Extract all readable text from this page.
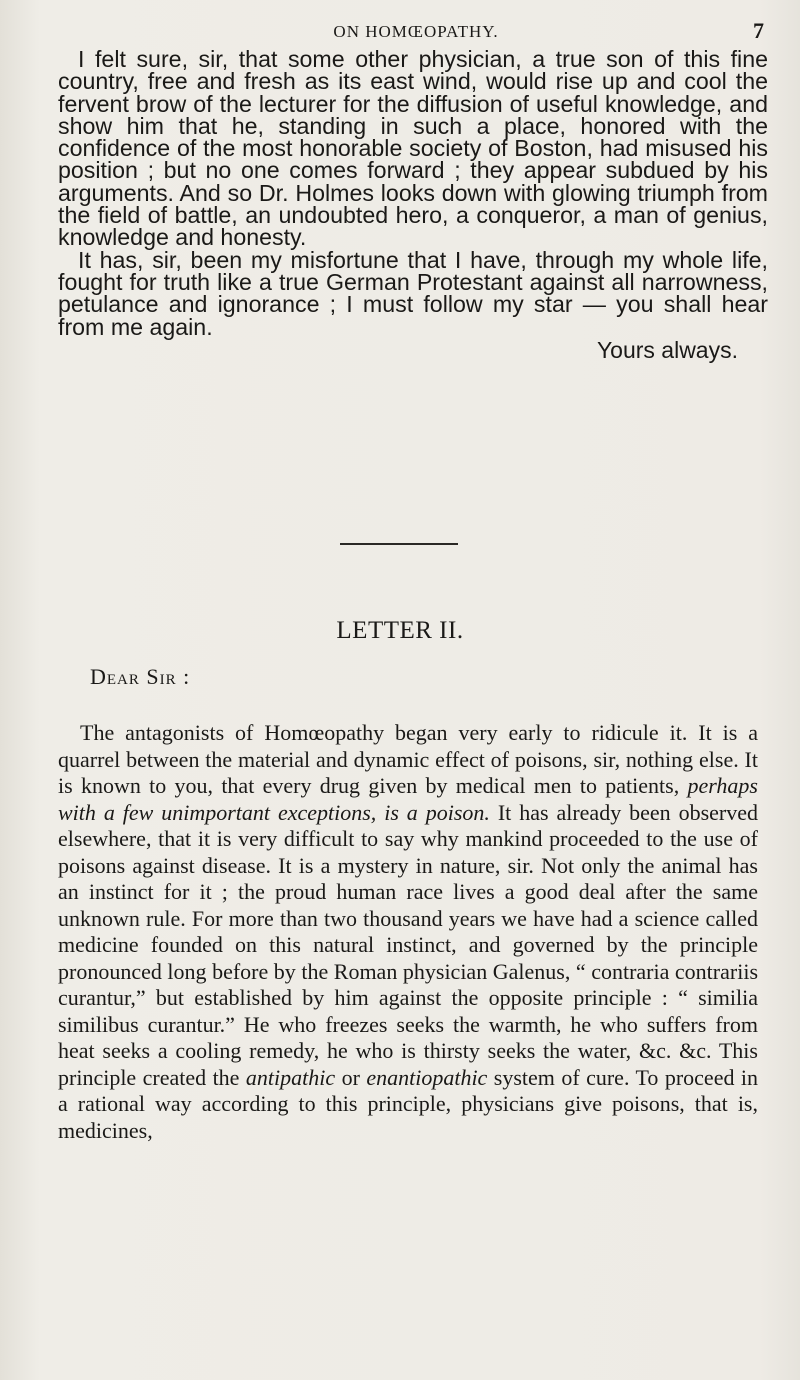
ON HOMŒOPATHY.	7

I felt sure, sir, that some other physician, a true son of this fine country, free and fresh as its east wind, would rise up and cool the fervent brow of the lecturer for the diffusion of useful knowledge, and show him that he, standing in such a place, honored with the confidence of the most honorable society of Boston, had misused his position ; but no one comes forward ; they appear subdued by his arguments. And so Dr. Holmes looks down with glowing triumph from the field of battle, an undoubted hero, a conqueror, a man of genius, knowledge and honesty.

It has, sir, been my misfortune that I have, through my whole life, fought for truth like a true German Protestant against all narrowness, petulance and ignorance ; I must follow my star — you shall hear from me again.

Yours always.
LETTER II.
Dear Sir :

The antagonists of Homœopathy began very early to ridicule it. It is a quarrel between the material and dynamic effect of poisons, sir, nothing else. It is known to you, that every drug given by medical men to patients, perhaps with a few unimportant exceptions, is a poison. It has already been observed elsewhere, that it is very difficult to say why mankind proceeded to the use of poisons against disease. It is a mystery in nature, sir. Not only the animal has an instinct for it ; the proud human race lives a good deal after the same unknown rule. For more than two thousand years we have had a science called medicine founded on this natural instinct, and governed by the principle pronounced long before by the Roman physician Galenus, “ contraria contrariis curantur,” but established by him against the opposite principle : “ similia similibus curantur.” He who freezes seeks the warmth, he who suffers from heat seeks a cooling remedy, he who is thirsty seeks the water, &c. &c. This principle created the antipathic or enantiopathic system of cure. To proceed in a rational way according to this principle, physicians give poisons, that is, medicines,
